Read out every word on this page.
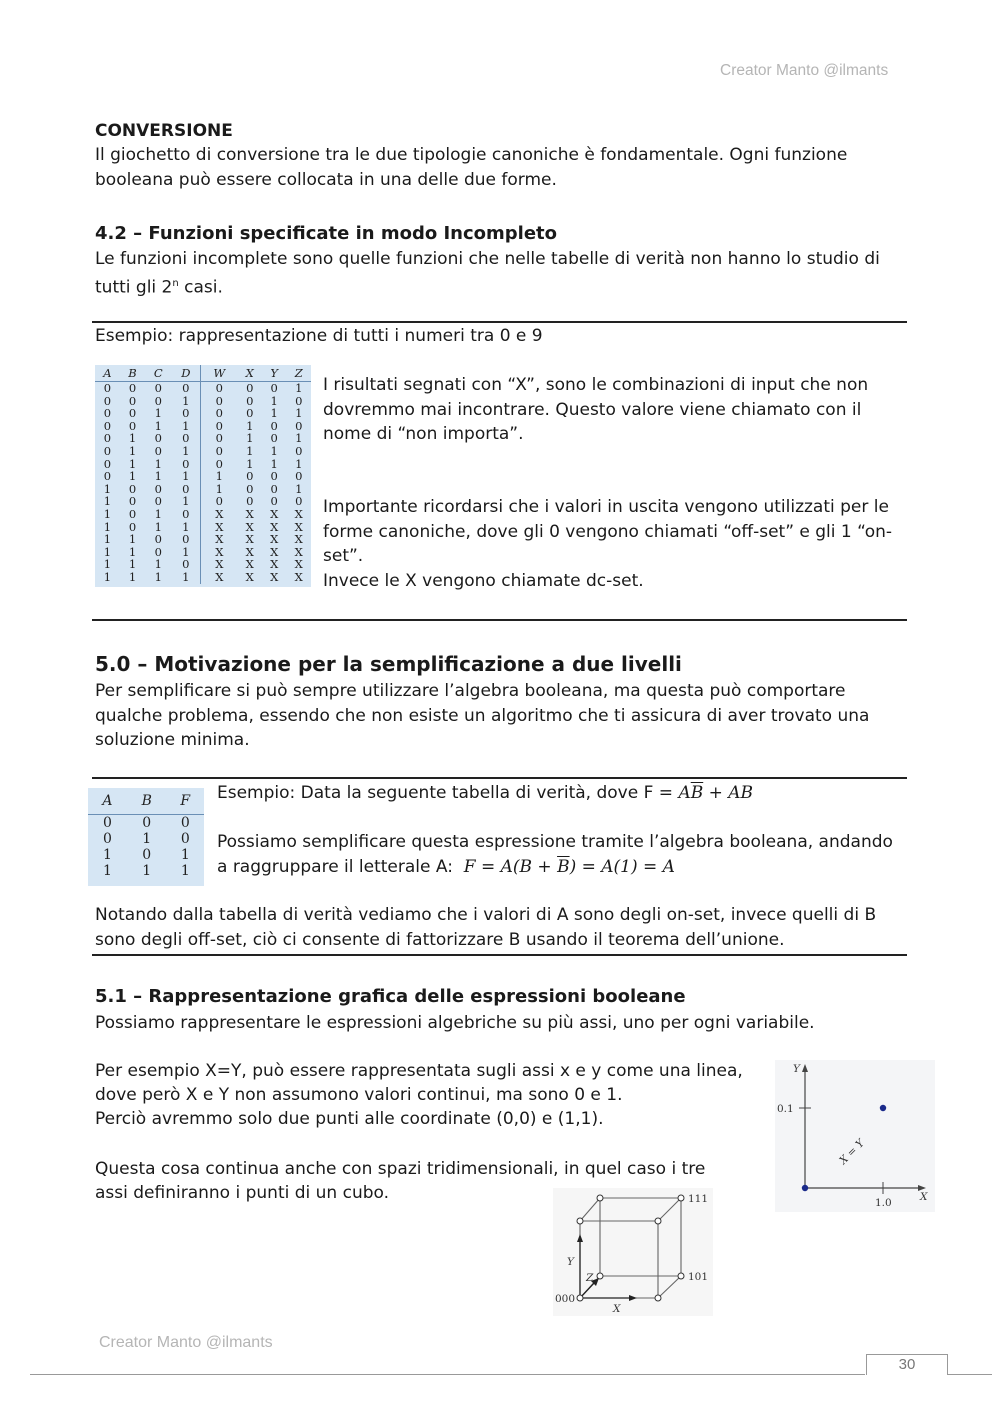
Creator Manto @ilmants
CONVERSIONE
Il giochetto di conversione tra le due tipologie canoniche è fondamentale. Ogni funzione booleana può essere collocata in una delle due forme.
4.2 – Funzioni specificate in modo Incompleto
Le funzioni incomplete sono quelle funzioni che nelle tabelle di verità non hanno lo studio di tutti gli 2$^n$ casi.
Esempio: rappresentazione di tutti i numeri tra 0 e 9
A	B	C	D	W	X	Y	Z
0	0	0	0	0	0	0	1
0	0	0	1	0	0	1	0
0	0	1	0	0	0	1	1
0	0	1	1	0	1	0	0
0	1	0	0	0	1	0	1
0	1	0	1	0	1	1	0
0	1	1	0	0	1	1	1
0	1	1	1	1	0	0	0
1	0	0	0	1	0	0	1
1	0	0	1	0	0	0	0
1	0	1	0	X	X	X	X
1	0	1	1	X	X	X	X
1	1	0	0	X	X	X	X
1	1	0	1	X	X	X	X
1	1	1	0	X	X	X	X
1	1	1	1	X	X	X	X
I risultati segnati con “X”, sono le combinazioni di input che non dovremmo mai incontrare. Questo valore viene chiamato con il nome di “non importa”.
Importante ricordarsi che i valori in uscita vengono utilizzati per le forme canoniche, dove gli 0 vengono chiamati “off-set” e gli 1 “on-set”.
Invece le X vengono chiamate dc-set.
5.0 – Motivazione per la semplificazione a due livelli
Per semplificare si può sempre utilizzare l’algebra booleana, ma questa può comportare qualche problema, essendo che non esiste un algoritmo che ti assicura di aver trovato una soluzione minima.
A	B	F
0	0	0
0	1	0
1	0	1
1	1	1
Esempio: Data la seguente tabella di verità, dove $F = A\overline{B}$ + AB
Possiamo semplificare questa espressione tramite l’algebra booleana, andando a raggruppare il letterale A: $F = A(B + \overline{B}) = A(1) = A$
Notando dalla tabella di verità vediamo che i valori di A sono degli on-set, invece quelli di B sono degli off-set, ciò ci consente di fattorizzare B usando il teorema dell’unione.
5.1 – Rappresentazione grafica delle espressioni booleane
Possiamo rappresentare le espressioni algebriche su più assi, uno per ogni variabile.
Per esempio X=Y, può essere rappresentata sugli assi x e y come una linea,
dove però X e Y non assumono valori continui, ma sono 0 e 1.
Perciò avremmo solo due punti alle coordinate (0,0) e (1,1).
Questa cosa continua anche con spazi tridimensionali, in quel caso i tre
assi definiranno i punti di un cubo.
Y
0.1
1.0	X
X = Y
Y
Z
X
000
101
111
Creator Manto @ilmants
30
